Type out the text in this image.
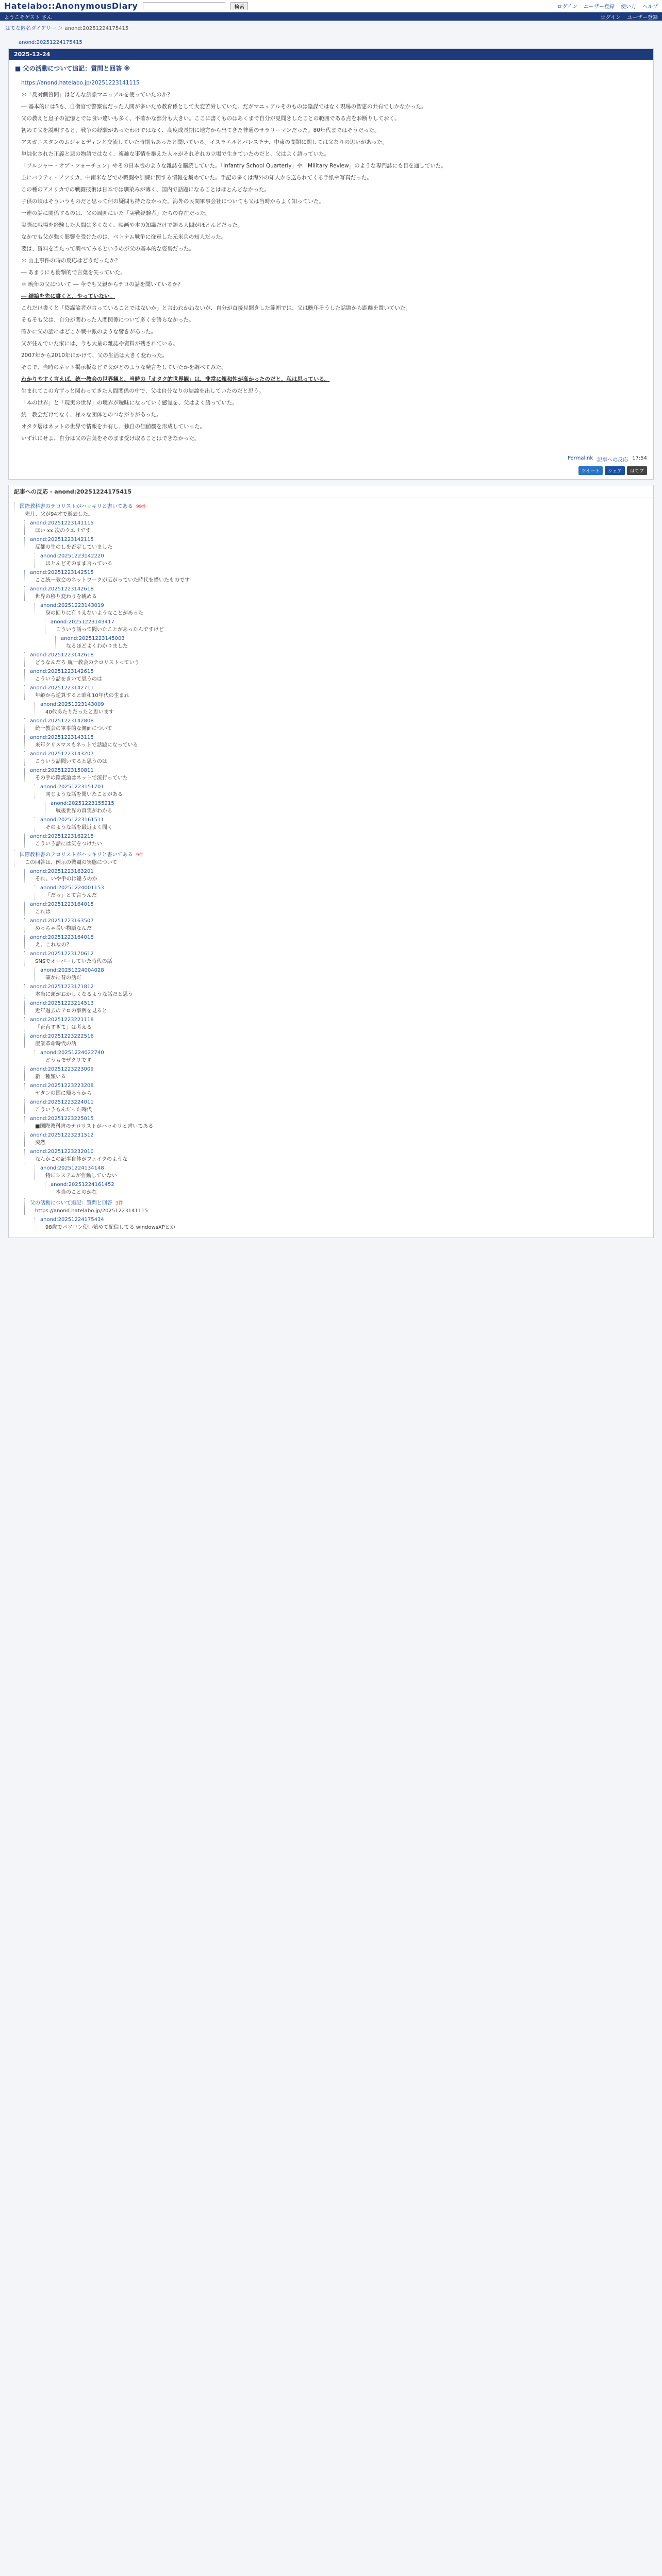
Hatelabo::AnonymousDiary	検索	ログイン ユーザー登録 使い方 ヘルプ
ようこそゲスト さん	ログイン ユーザー登録
はてな匿名ダイアリー ＞ anond:20251224175415
anond:20251224175415
2025-12-24
■ 父の活動について追記：質問と回答 ※

https://anond.hatelabo.jp/20251223141115

＊「反対側質問」はどんな訴訟マニュアルを使っていたのか？

― 基本的にはSも、自衛官で警察官だった人間が多いため教育係として大変苦労していた。だがマニュアルそのものは陰謀ではなく現場の智恵の共有でしかなかった。

父の教えと息子の記憶とでは食い違いも多く、不確かな部分も大きい。ここに書くものはあくまで自分が見聞きしたことの範囲である点をお断りしておく。

初めて父を説明すると、戦争の経験があったわけではなく、高度成長期に地方から出てきた普通のサラリーマンだった。80年代まではそうだった。

アスガニスタンのムジャヒディンと交流していた時期もあったと聞いている。イスラエルとパレスチナ、中東の問題に関しては父なりの思いがあった。

単純化された正義と悪の物語ではなく、複雑な事情を抱えた人々がそれぞれの立場で生きていたのだと、父はよく語っていた。

「ソルジャー・オブ・フォーチュン」やその日本版のような雑誌を購読していた。「Infantry School Quarterly」や「Military Review」のような専門誌にも目を通していた。

主にバラティ・アフリカ、中南米などでの戦闘や訓練に関する情報を集めていた。手記の多くは海外の知人から送られてくる手紙や写真だった。

この種のアメリカでの戦闘技術は日本では馴染みが薄く、国内で話題になることはほとんどなかった。

子供の頃はそういうものだと思って何の疑問も持たなかった。海外の民間軍事会社についても父は当時からよく知っていた。

一連の話に関係するのは、父の周囲にいた「実戦経験者」たちの存在だった。

実際に戦場を経験した人間は多くなく、映画や本の知識だけで語る人間がほとんどだった。

なかでも父が強く影響を受けたのは、ベトナム戦争に従軍した元米兵の知人だった。

要は、資料を当たって調べてみるというのが父の基本的な姿勢だった。

＊ 山上事件の時の反応はどうだったか？

― あまりにも衝撃的で言葉を失っていた。

＊ 晩年の父について ― 今でも父親からテロの話を聞いているか？

― 結論を先に書くと、やっていない。

これだけ書くと「陰謀論者が言っていることではないか」と言われかねないが、自分が直接見聞きした範囲では、父は晩年そうした話題から距離を置いていた。

そもそも父は、自分が関わった人間関係について多くを語らなかった。

確かに父の話にはどこか戦中派のような響きがあった。

父が住んでいた家には、今も大量の雑誌や資料が残されている。

2007年から2010年にかけて、父の生活は大きく変わった。

そこで、当時のネット掲示板などで父がどのような発言をしていたかを調べてみた。

わかりやすく言えば、統一教会の世界観と、当時の「オタク的世界観」は、非常に親和性が高かったのだと、私は思っている。

生まれてこの方ずっと関わってきた人間関係の中で、父は自分なりの結論を出していたのだと思う。

「本の世界」と「現実の世界」の境界が曖昧になっていく感覚を、父はよく語っていた。

統一教会だけでなく、様々な団体とのつながりがあった。

オタク層はネットの世界で情報を共有し、独自の価値観を形成していった。

いずれにせよ、自分は父の言葉をそのまま受け取ることはできなかった。

Permalink 記事への反応 17:54
ツイート	シェア	はてブ
記事への反応 - anond:20251224175415
国際教科書のテロリストがハッキリと書いてある 99件
先月、父が94才で逝去した。
anond:20251223141115
ほい xx 次のクエリです
anond:20251223142115
反都の生のしを否定していました
anond:20251223142220
ほとんどそのまま言っている
anond:20251223142515
ここ統一教会のネットワークが広がっていた時代を描いたものです
anond:20251223142618
世界の移り変わりを眺める
anond:20251223143019
身の回りに有りえないようなことがあった
anond:20251223143417
こういう話って聞いたことがあったんですけど
anond:20251223145003
なるほどよくわかりました
anond:20251223142618
どうなんだろ 統一教会のテロリストっていう
anond:20251223142615
こういう話をきいて思うのは
anond:20251223142711
年齢から逆算すると昭和10年代の生まれ
anond:20251223143009
40代あたりだったと思います
anond:20251223142808
統一教会の軍事的な側面について
anond:20251223143115
来年クリスマスもネットで話題になっている
anond:20251223143207
こういう話聞いてると思うのは
anond:20251223150811
その手の陰謀論はネットで流行っていた
anond:20251223151701
同じような話を聞いたことがある
anond:20251223155215
戦後世界の真実がわかる
anond:20251223161511
そのような話を最近よく聞く
anond:20251223162215
こういう話には気をつけたい
国際教科書のテロリストがハッキリと書いてある 9件
この回答は、例示の戦闘の実態について
anond:20251223163201
それ、いや手のは違うのか
anond:20251224001153
「だっ」とて言うんだ
anond:20251223164015
これは
anond:20251223163507
めっちゃ長い物語なんだ
anond:20251223164018
え、これなの？
anond:20251223170612
SNSでオーバーしていた時代の話
anond:20251224004028
確かに昔の話だ
anond:20251223171812
本当に頭がおかしくなるような話だと思う
anond:20251223214513
近年過去のテロの事例を見ると
anond:20251223221118
「正直すぎて」は考える
anond:20251223222516
産業革命時代の話
anond:20251224022740
どうもモザクリです
anond:20251223223009
新一種類いる
anond:20251223223208
ヤタンの国に帰ろうから
anond:20251223224011
こういうもんだった時代
anond:20251223225015
■国際教科書のテロリストがハッキリと書いてある
anond:20251223231512
突然
anond:20251223232010
なんかこの記事自体がフェイクのような
anond:20251224134148
特にシステムが作動していない
anond:20251224161452
本当のことのかな
父の活動について追記：質問と回答 3件
https://anond.hatelabo.jp/20251223141115
anond:20251224175434
98歳でパソコン使い始めて配信してる windowsXPとか
